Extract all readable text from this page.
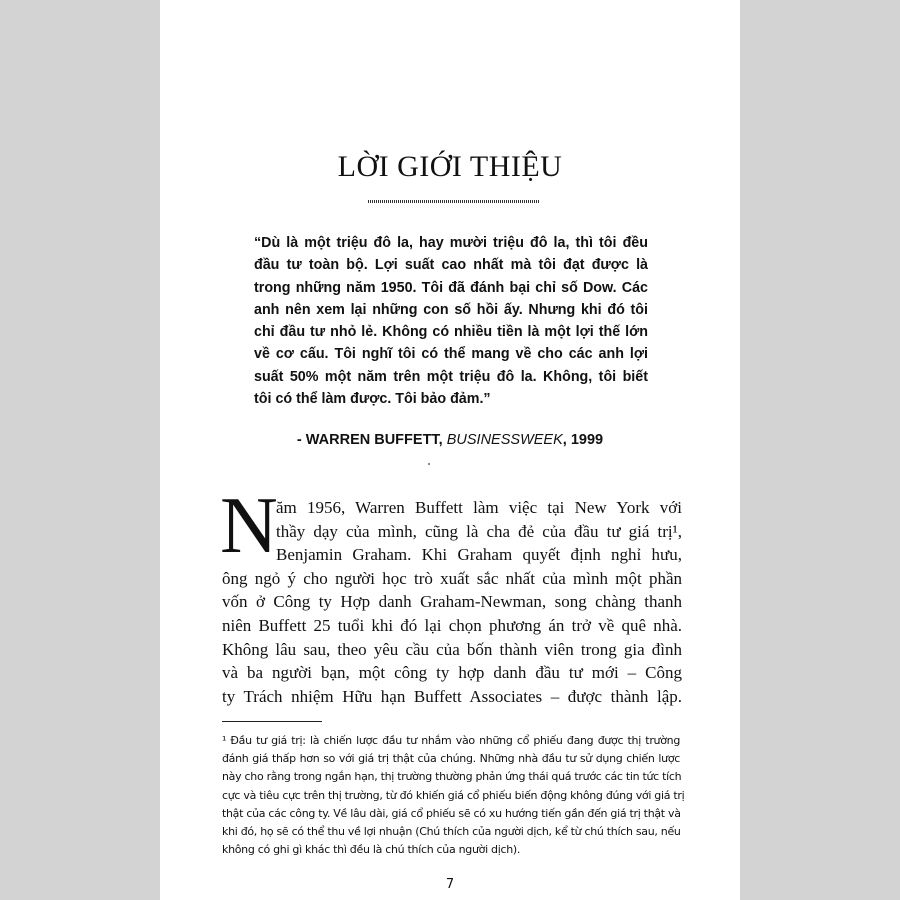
LỜI GIỚI THIỆU
“Dù là một triệu đô la, hay mười triệu đô la, thì tôi đều
đầu tư toàn bộ. Lợi suất cao nhất mà tôi đạt được là
trong những năm 1950. Tôi đã đánh bại chỉ số Dow. Các
anh nên xem lại những con số hồi ấy. Nhưng khi đó tôi
chỉ đầu tư nhỏ lẻ. Không có nhiều tiền là một lợi thế lớn
về cơ cấu. Tôi nghĩ tôi có thể mang về cho các anh lợi
suất 50% một năm trên một triệu đô la. Không, tôi biết
tôi có thể làm được. Tôi bảo đảm.”
- WARREN BUFFETT, BUSINESSWEEK, 1999
N
ăm 1956, Warren Buffett làm việc tại New York với
thầy dạy của mình, cũng là cha đẻ của đầu tư giá trị¹,
Benjamin Graham. Khi Graham quyết định nghỉ hưu,
ông ngỏ ý cho người học trò xuất sắc nhất của mình một phần
vốn ở Công ty Hợp danh Graham-Newman, song chàng thanh
niên Buffett 25 tuổi khi đó lại chọn phương án trở về quê nhà.
Không lâu sau, theo yêu cầu của bốn thành viên trong gia đình
và ba người bạn, một công ty hợp danh đầu tư mới – Công
ty Trách nhiệm Hữu hạn Buffett Associates – được thành lập.
¹ Đầu tư giá trị: là chiến lược đầu tư nhắm vào những cổ phiếu đang được thị trường
đánh giá thấp hơn so với giá trị thật của chúng. Những nhà đầu tư sử dụng chiến lược
này cho rằng trong ngắn hạn, thị trường thường phản ứng thái quá trước các tin tức tích
cực và tiêu cực trên thị trường, từ đó khiến giá cổ phiếu biến động không đúng với giá trị
thật của các công ty. Về lâu dài, giá cổ phiếu sẽ có xu hướng tiến gần đến giá trị thật và
khi đó, họ sẽ có thể thu về lợi nhuận (Chú thích của người dịch, kể từ chú thích sau, nếu
không có ghi gì khác thì đều là chú thích của người dịch).
7
